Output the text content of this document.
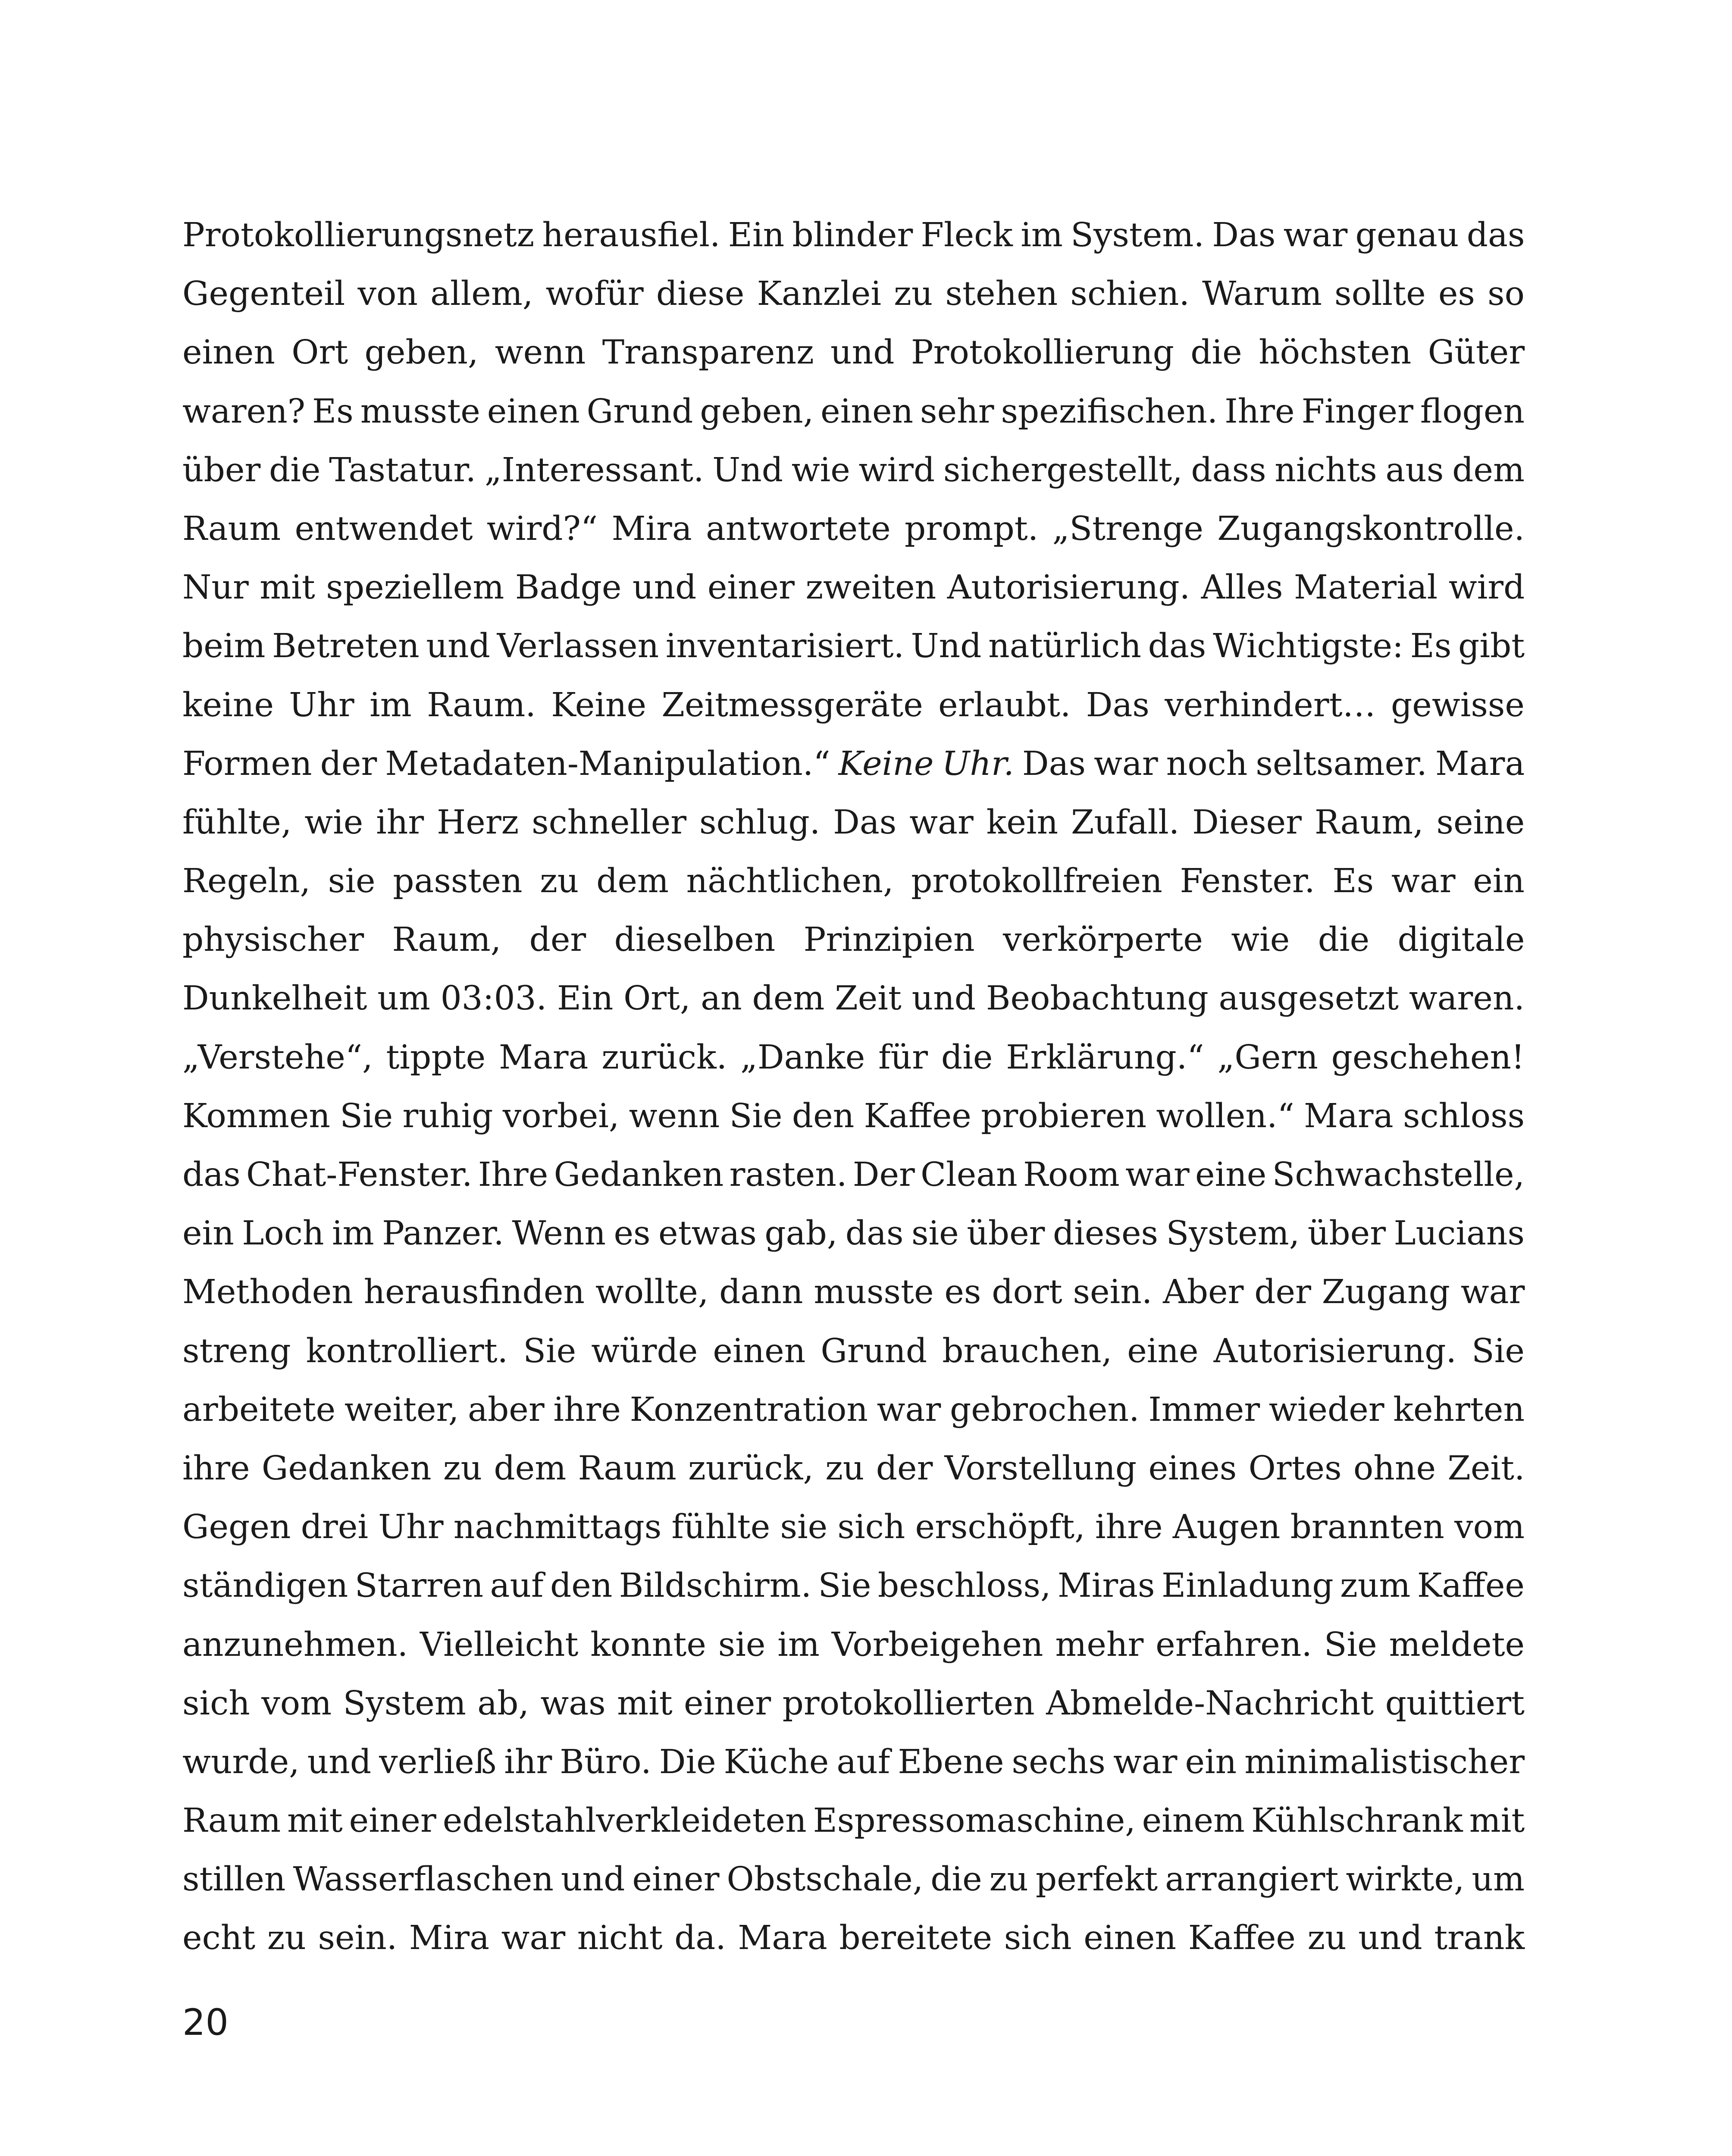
Protokollierungsnetz herausfiel. Ein blinder Fleck im System. Das war genau das
Gegenteil von allem, wofür diese Kanzlei zu stehen schien. Warum sollte es so
einen Ort geben, wenn Transparenz und Protokollierung die höchsten Güter
waren? Es musste einen Grund geben, einen sehr spezifischen. Ihre Finger flogen
über die Tastatur. „Interessant. Und wie wird sichergestellt, dass nichts aus dem
Raum entwendet wird?“ Mira antwortete prompt. „Strenge Zugangskontrolle.
Nur mit speziellem Badge und einer zweiten Autorisierung. Alles Material wird
beim Betreten und Verlassen inventarisiert. Und natürlich das Wichtigste: Es gibt
keine Uhr im Raum. Keine Zeitmessgeräte erlaubt. Das verhindert… gewisse
Formen der Metadaten-Manipulation.“ Keine Uhr. Das war noch seltsamer. Mara
fühlte, wie ihr Herz schneller schlug. Das war kein Zufall. Dieser Raum, seine
Regeln, sie passten zu dem nächtlichen, protokollfreien Fenster. Es war ein
physischer Raum, der dieselben Prinzipien verkörperte wie die digitale
Dunkelheit um 03:03. Ein Ort, an dem Zeit und Beobachtung ausgesetzt waren.
„Verstehe“, tippte Mara zurück. „Danke für die Erklärung.“ „Gern geschehen!
Kommen Sie ruhig vorbei, wenn Sie den Kaffee probieren wollen.“ Mara schloss
das Chat-Fenster. Ihre Gedanken rasten. Der Clean Room war eine Schwachstelle,
ein Loch im Panzer. Wenn es etwas gab, das sie über dieses System, über Lucians
Methoden herausfinden wollte, dann musste es dort sein. Aber der Zugang war
streng kontrolliert. Sie würde einen Grund brauchen, eine Autorisierung. Sie
arbeitete weiter, aber ihre Konzentration war gebrochen. Immer wieder kehrten
ihre Gedanken zu dem Raum zurück, zu der Vorstellung eines Ortes ohne Zeit.
Gegen drei Uhr nachmittags fühlte sie sich erschöpft, ihre Augen brannten vom
ständigen Starren auf den Bildschirm. Sie beschloss, Miras Einladung zum Kaffee
anzunehmen. Vielleicht konnte sie im Vorbeigehen mehr erfahren. Sie meldete
sich vom System ab, was mit einer protokollierten Abmelde-Nachricht quittiert
wurde, und verließ ihr Büro. Die Küche auf Ebene sechs war ein minimalistischer
Raum mit einer edelstahlverkleideten Espressomaschine, einem Kühlschrank mit
stillen Wasserflaschen und einer Obstschale, die zu perfekt arrangiert wirkte, um
echt zu sein. Mira war nicht da. Mara bereitete sich einen Kaffee zu und trank
20
